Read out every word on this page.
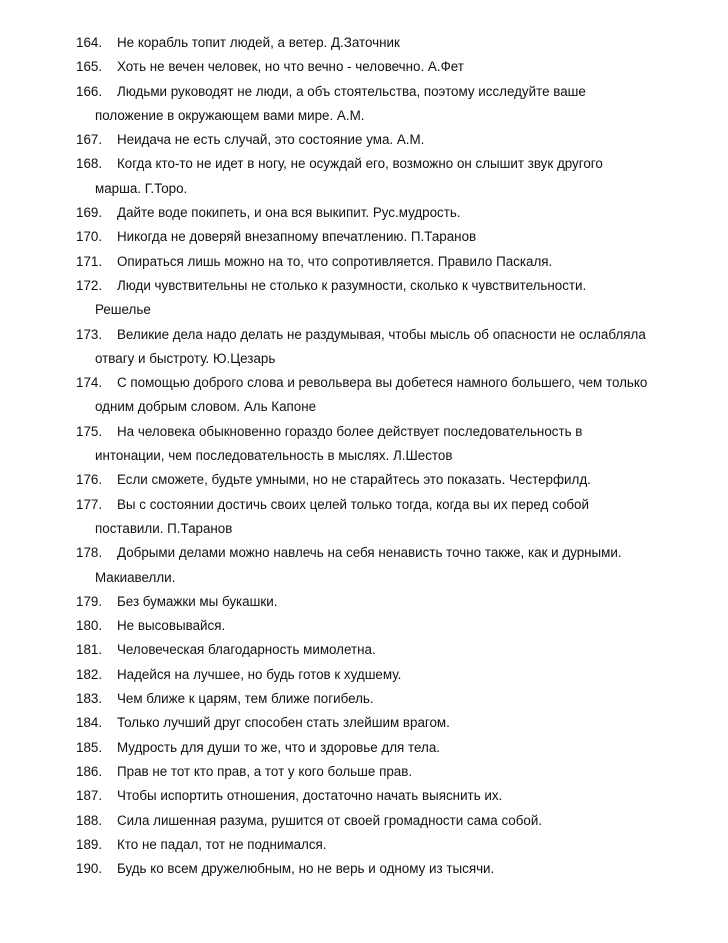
164. Не корабль топит людей, а ветер. Д.Заточник
165. Хоть не вечен человек, но что вечно - человечно. А.Фет
166. Людьми руководят не люди, а объ стоятельства, поэтому исследуйте ваше
положение в окружающем вами мире. А.М.
167. Неидача не есть случай, это состояние ума. А.М.
168. Когда кто-то не идет в ногу, не осуждай его, возможно он слышит звук другого
марша. Г.Торо.
169. Дайте воде покипеть, и она вся выкипит. Рус.мудрость.
170. Никогда не доверяй внезапному впечатлению. П.Таранов
171. Опираться лишь можно на то, что сопротивляется. Правило Паскаля.
172. Люди чувствительны не столько к разумности, сколько к чувствительности.
Решелье
173. Великие дела надо делать не раздумывая, чтобы мысль об опасности не ослабляла
отвагу и быстроту. Ю.Цезарь
174. С помощью доброго слова и револьвера вы добетеся намного большего, чем только
одним добрым словом. Аль Капоне
175. На человека обыкновенно гораздо более действует последовательность в
интонации, чем последовательность в мыслях. Л.Шестов
176. Если сможете, будьте умными, но не старайтесь это показать. Честерфилд.
177. Вы с состоянии достичь своих целей только тогда, когда вы их перед собой
поставили. П.Таранов
178. Добрыми делами можно навлечь на себя ненависть точно также, как и дурными.
Макиавелли.
179. Без бумажки мы букашки.
180. Не высовывайся.
181. Человеческая благодарность мимолетна.
182. Надейся на лучшее, но будь готов к худшему.
183. Чем ближе к царям, тем ближе погибель.
184. Только лучший друг способен стать злейшим врагом.
185. Мудрость для души то же, что и здоровье для тела.
186. Прав не тот кто прав, а тот у кого больше прав.
187. Чтобы испортить отношения, достаточно начать выяснить их.
188. Сила лишенная разума, рушится от своей громадности сама собой.
189. Кто не падал, тот не поднимался.
190. Будь ко всем дружелюбным, но не верь и одному из тысячи.
